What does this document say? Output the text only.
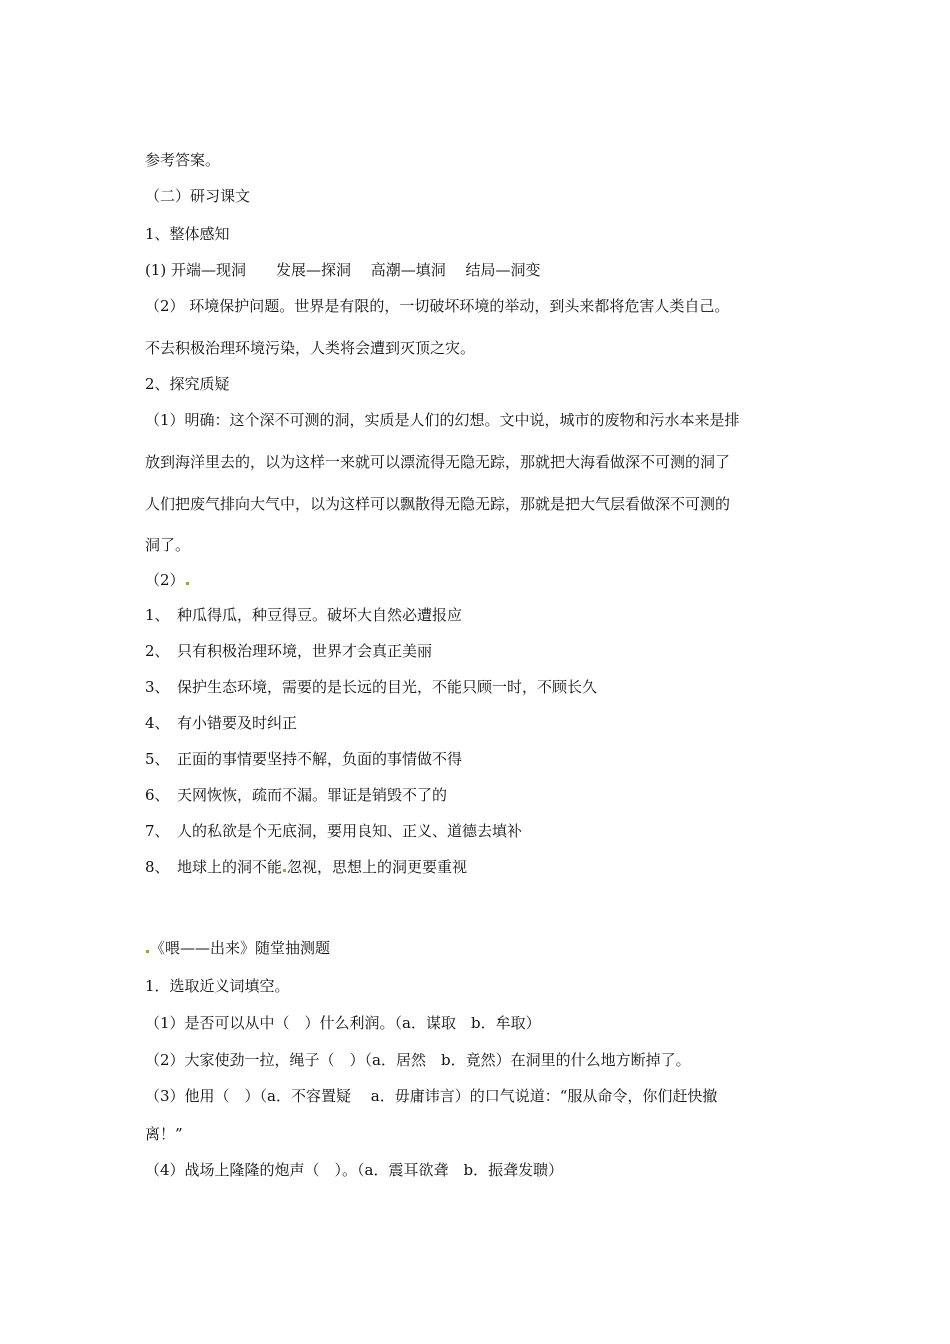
参考答案。
（二）研习课文
1、整体感知
(1) 开端—现洞　　发展—探洞　 高潮—填洞　 结局—洞变
（2） 环境保护问题。世界是有限的，一切破坏环境的举动，到头来都将危害人类自己。
不去积极治理环境污染，人类将会遭到灭顶之灾。
2、探究质疑
（1）明确：这个深不可测的洞，实质是人们的幻想。文中说，城市的废物和污水本来是排
放到海洋里去的，以为这样一来就可以漂流得无隐无踪，那就把大海看做深不可测的洞了
人们把废气排向大气中，以为这样可以飘散得无隐无踪，那就是把大气层看做深不可测的
洞了。
（2）
1、　种瓜得瓜，种豆得豆。破坏大自然必遭报应
2、　只有积极治理环境，世界才会真正美丽
3、　保护生态环境，需要的是长远的目光，不能只顾一时，不顾长久
4、　有小错要及时纠正
5、　正面的事情要坚持不解，负面的事情做不得
6、　天网恢恢，疏而不漏。罪证是销毁不了的
7、　人的私欲是个无底洞，要用良知、正义、道德去填补
8、　地球上的洞不能 忽视，思想上的洞更要重视
《喂——出来》随堂抽测题
1．选取近义词填空。
（1）是否可以从中（　）什么利润。（a．谋取　b．牟取）
（2）大家使劲一拉，绳子（　）（a．居然　b．竟然）在洞里的什么地方断掉了。
（3）他用（　）（a．不容置疑　 a．毋庸讳言）的口气说道：“服从命令，你们赶快撤
离！”
（4）战场上隆隆的炮声（　）。（a．震耳欲聋　b．振聋发聩）
